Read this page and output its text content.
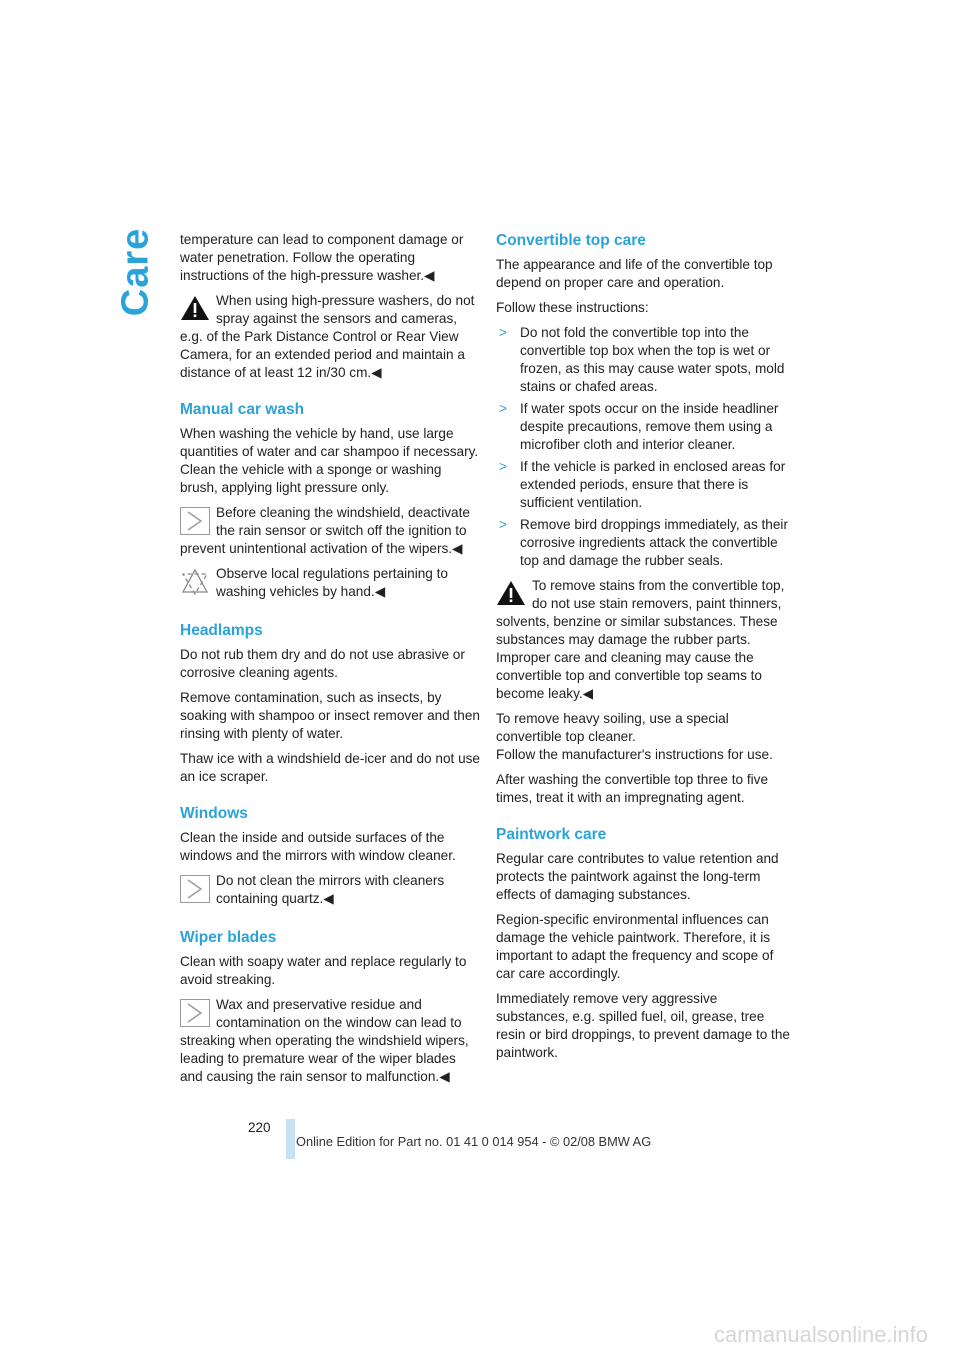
Care temperature can lead to component damage or water penetration. Follow the operating instructions of the high-pressure washer.◀

When using high-pressure washers, do not spray against the sensors and cameras, e.g. of the Park Distance Control or Rear View Camera, for an extended period and maintain a distance of at least 12 in/30 cm.◀
Manual car wash

When washing the vehicle by hand, use large quantities of water and car shampoo if necessary. Clean the vehicle with a sponge or washing brush, applying light pressure only.

Before cleaning the windshield, deactivate the rain sensor or switch off the ignition to prevent unintentional activation of the wipers.◀
Observe local regulations pertaining to washing vehicles by hand.◀
Headlamps

Do not rub them dry and do not use abrasive or corrosive cleaning agents.

Remove contamination, such as insects, by soaking with shampoo or insect remover and then rinsing with plenty of water.

Thaw ice with a windshield de-icer and do not use an ice scraper.

Windows

Clean the inside and outside surfaces of the windows and the mirrors with window cleaner.

Do not clean the mirrors with cleaners containing quartz.◀
Wiper blades

Clean with soapy water and replace regularly to avoid streaking.

Wax and preservative residue and contamination on the window can lead to streaking when operating the windshield wipers, leading to premature wear of the wiper blades and causing the rain sensor to malfunction.◀
Convertible top care

The appearance and life of the convertible top depend on proper care and operation.

Follow these instructions:

> Do not fold the convertible top into the convertible top box when the top is wet or frozen, as this may cause water spots, mold stains or chafed areas.
> If water spots occur on the inside headliner despite precautions, remove them using a microfiber cloth and interior cleaner.
> If the vehicle is parked in enclosed areas for extended periods, ensure that there is sufficient ventilation.
> Remove bird droppings immediately, as their corrosive ingredients attack the convertible top and damage the rubber seals.
To remove stains from the convertible top, do not use stain removers, paint thinners, solvents, benzine or similar substances. These substances may damage the rubber parts. Improper care and cleaning may cause the convertible top and convertible top seams to become leaky.◀

To remove heavy soiling, use a special convertible top cleaner.
Follow the manufacturer's instructions for use.

After washing the convertible top three to five times, treat it with an impregnating agent.

Paintwork care

Regular care contributes to value retention and protects the paintwork against the long-term effects of damaging substances.

Region-specific environmental influences can damage the vehicle paintwork. Therefore, it is important to adapt the frequency and scope of car care accordingly.

Immediately remove very aggressive substances, e.g. spilled fuel, oil, grease, tree resin or bird droppings, to prevent damage to the paintwork.

220
Online Edition for Part no. 01 41 0 014 954 - © 02/08 BMW AG
carmanualsonline.info
